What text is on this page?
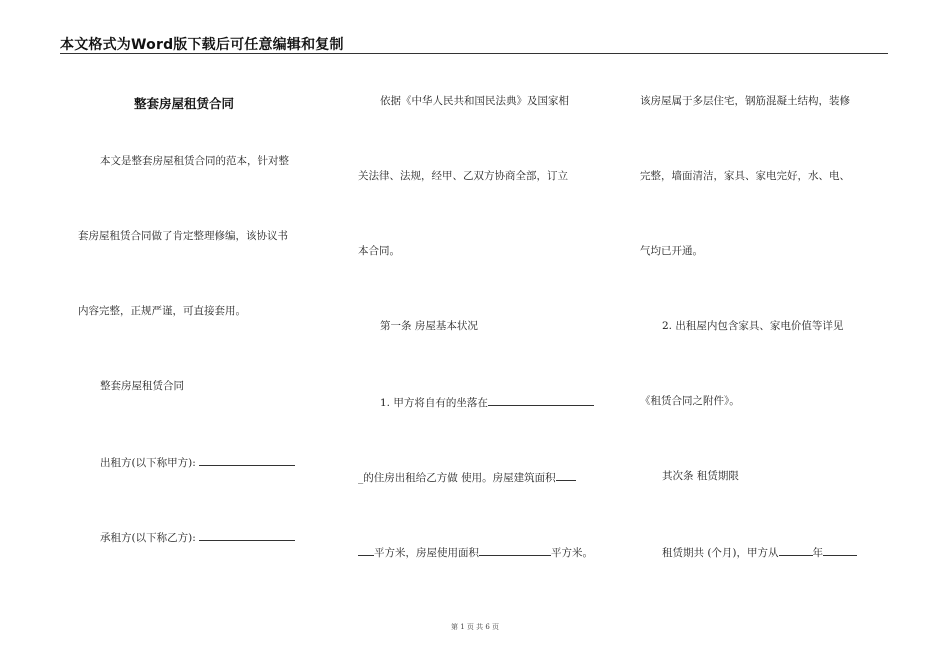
本文格式为Word版下载后可任意编辑和复制
整套房屋租赁合同
本文是整套房屋租赁合同的范本，针对整
套房屋租赁合同做了肯定整理修编，该协议书
内容完整，正规严谨，可直接套用。
整套房屋租赁合同
出租方(以下称甲方):
承租方(以下称乙方):
依据《中华人民共和国民法典》及国家相
关法律、法规，经甲、乙双方协商全部，订立
本合同。
第一条 房屋基本状况
1. 甲方将自有的坐落在
_的住房出租给乙方做 使用。房屋建筑面积
平方米，房屋使用面积	平方米。
该房屋属于多层住宅，钢筋混凝土结构，装修
完整，墙面清洁，家具、家电完好，水、电、
气均已开通。
2. 出租屋内包含家具、家电价值等详见
《租赁合同之附件》。
其次条 租赁期限
租赁期共 (个月)，甲方从	年
第 1 页 共 6 页
